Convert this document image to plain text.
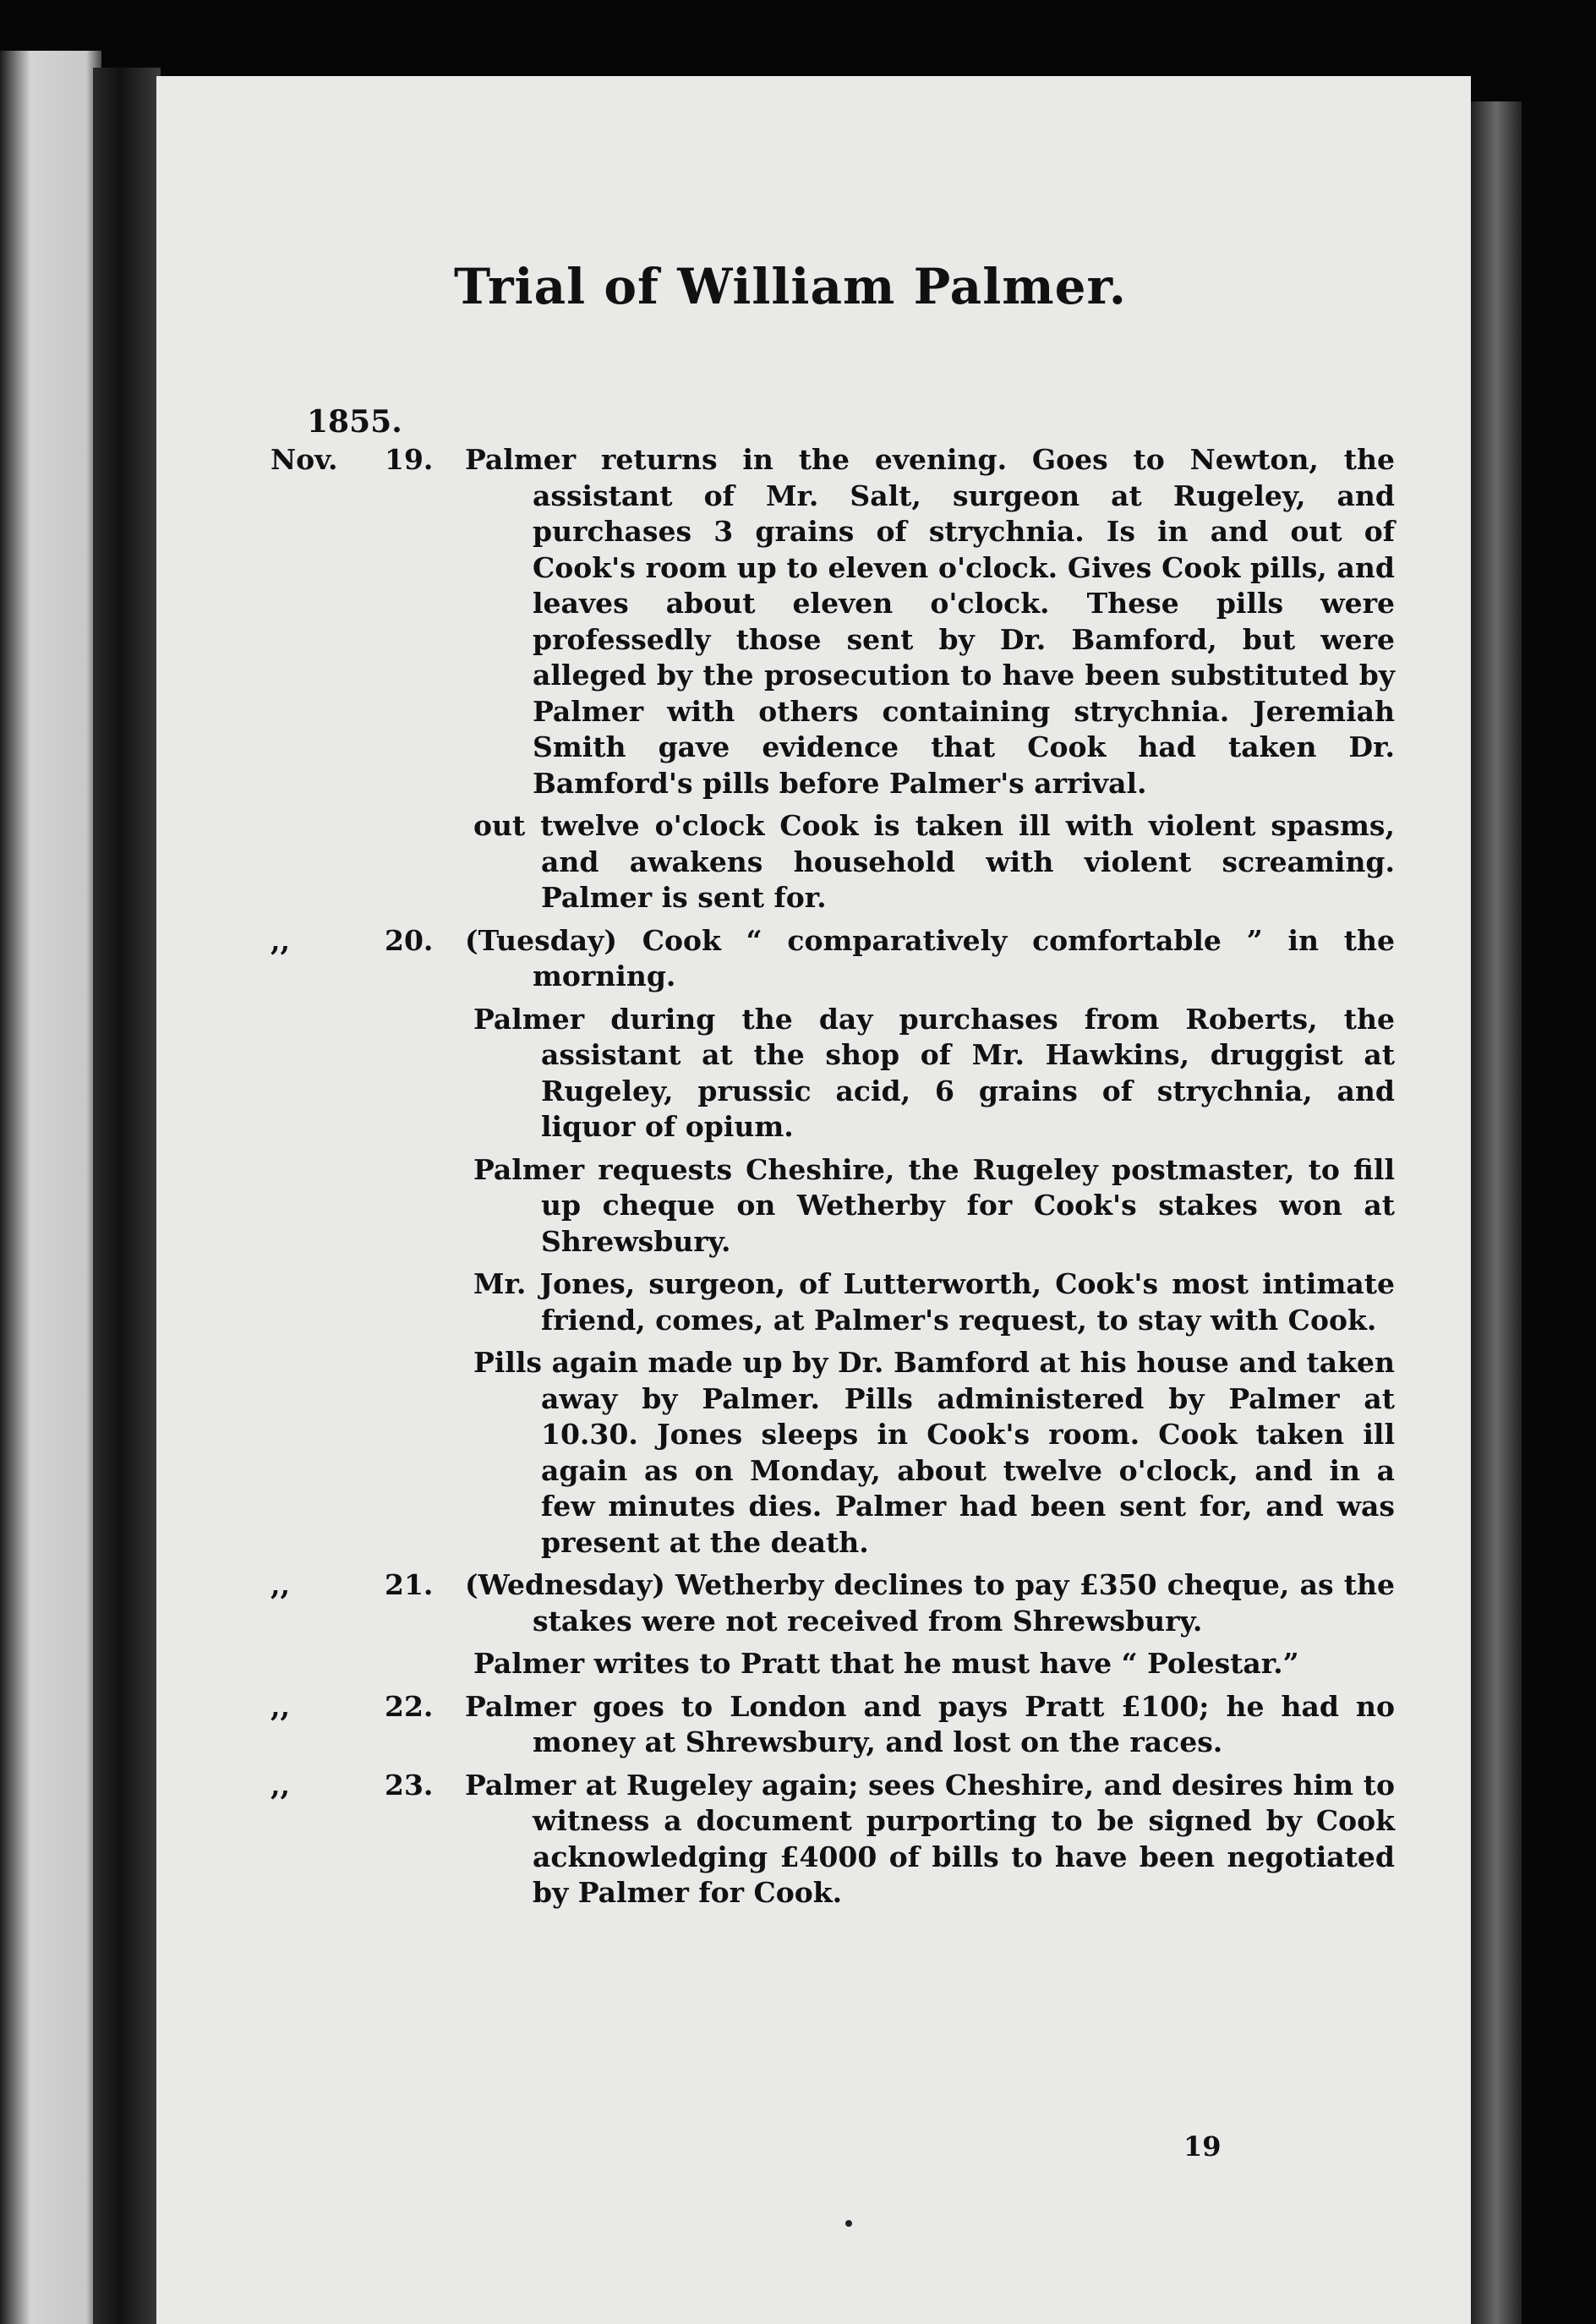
Trial of William Palmer.
1855.
Nov.	19.	Palmer returns in the evening. Goes to Newton, the assistant of Mr. Salt, surgeon at Rugeley, and purchases 3 grains of strychnia. Is in and out of Cook's room up to eleven o'clock. Gives Cook pills, and leaves about eleven o'clock. These pills were professedly those sent by Dr. Bamford, but were alleged by the prosecution to have been substituted by Palmer with others containing strychnia. Jeremiah Smith gave evidence that Cook had taken Dr. Bamford's pills before Palmer's arrival.

out twelve o'clock Cook is taken ill with violent spasms, and awakens household with violent screaming. Palmer is sent for.

,,	20.	(Tuesday) Cook “ comparatively comfortable ” in the morning.

Palmer during the day purchases from Roberts, the assistant at the shop of Mr. Hawkins, druggist at Rugeley, prussic acid, 6 grains of strychnia, and liquor of opium.

Palmer requests Cheshire, the Rugeley postmaster, to fill up cheque on Wetherby for Cook's stakes won at Shrewsbury.

Mr. Jones, surgeon, of Lutterworth, Cook's most intimate friend, comes, at Palmer's request, to stay with Cook.

Pills again made up by Dr. Bamford at his house and taken away by Palmer. Pills administered by Palmer at 10.30. Jones sleeps in Cook's room. Cook taken ill again as on Monday, about twelve o'clock, and in a few minutes dies. Palmer had been sent for, and was present at the death.

,,	21.	(Wednesday) Wetherby declines to pay £350 cheque, as the stakes were not received from Shrewsbury.

Palmer writes to Pratt that he must have “ Polestar.”

,,	22.	Palmer goes to London and pays Pratt £100; he had no money at Shrewsbury, and lost on the races.

,,	23.	Palmer at Rugeley again; sees Cheshire, and desires him to witness a document purporting to be signed by Cook acknowledging £4000 of bills to have been negotiated by Palmer for Cook.

19
